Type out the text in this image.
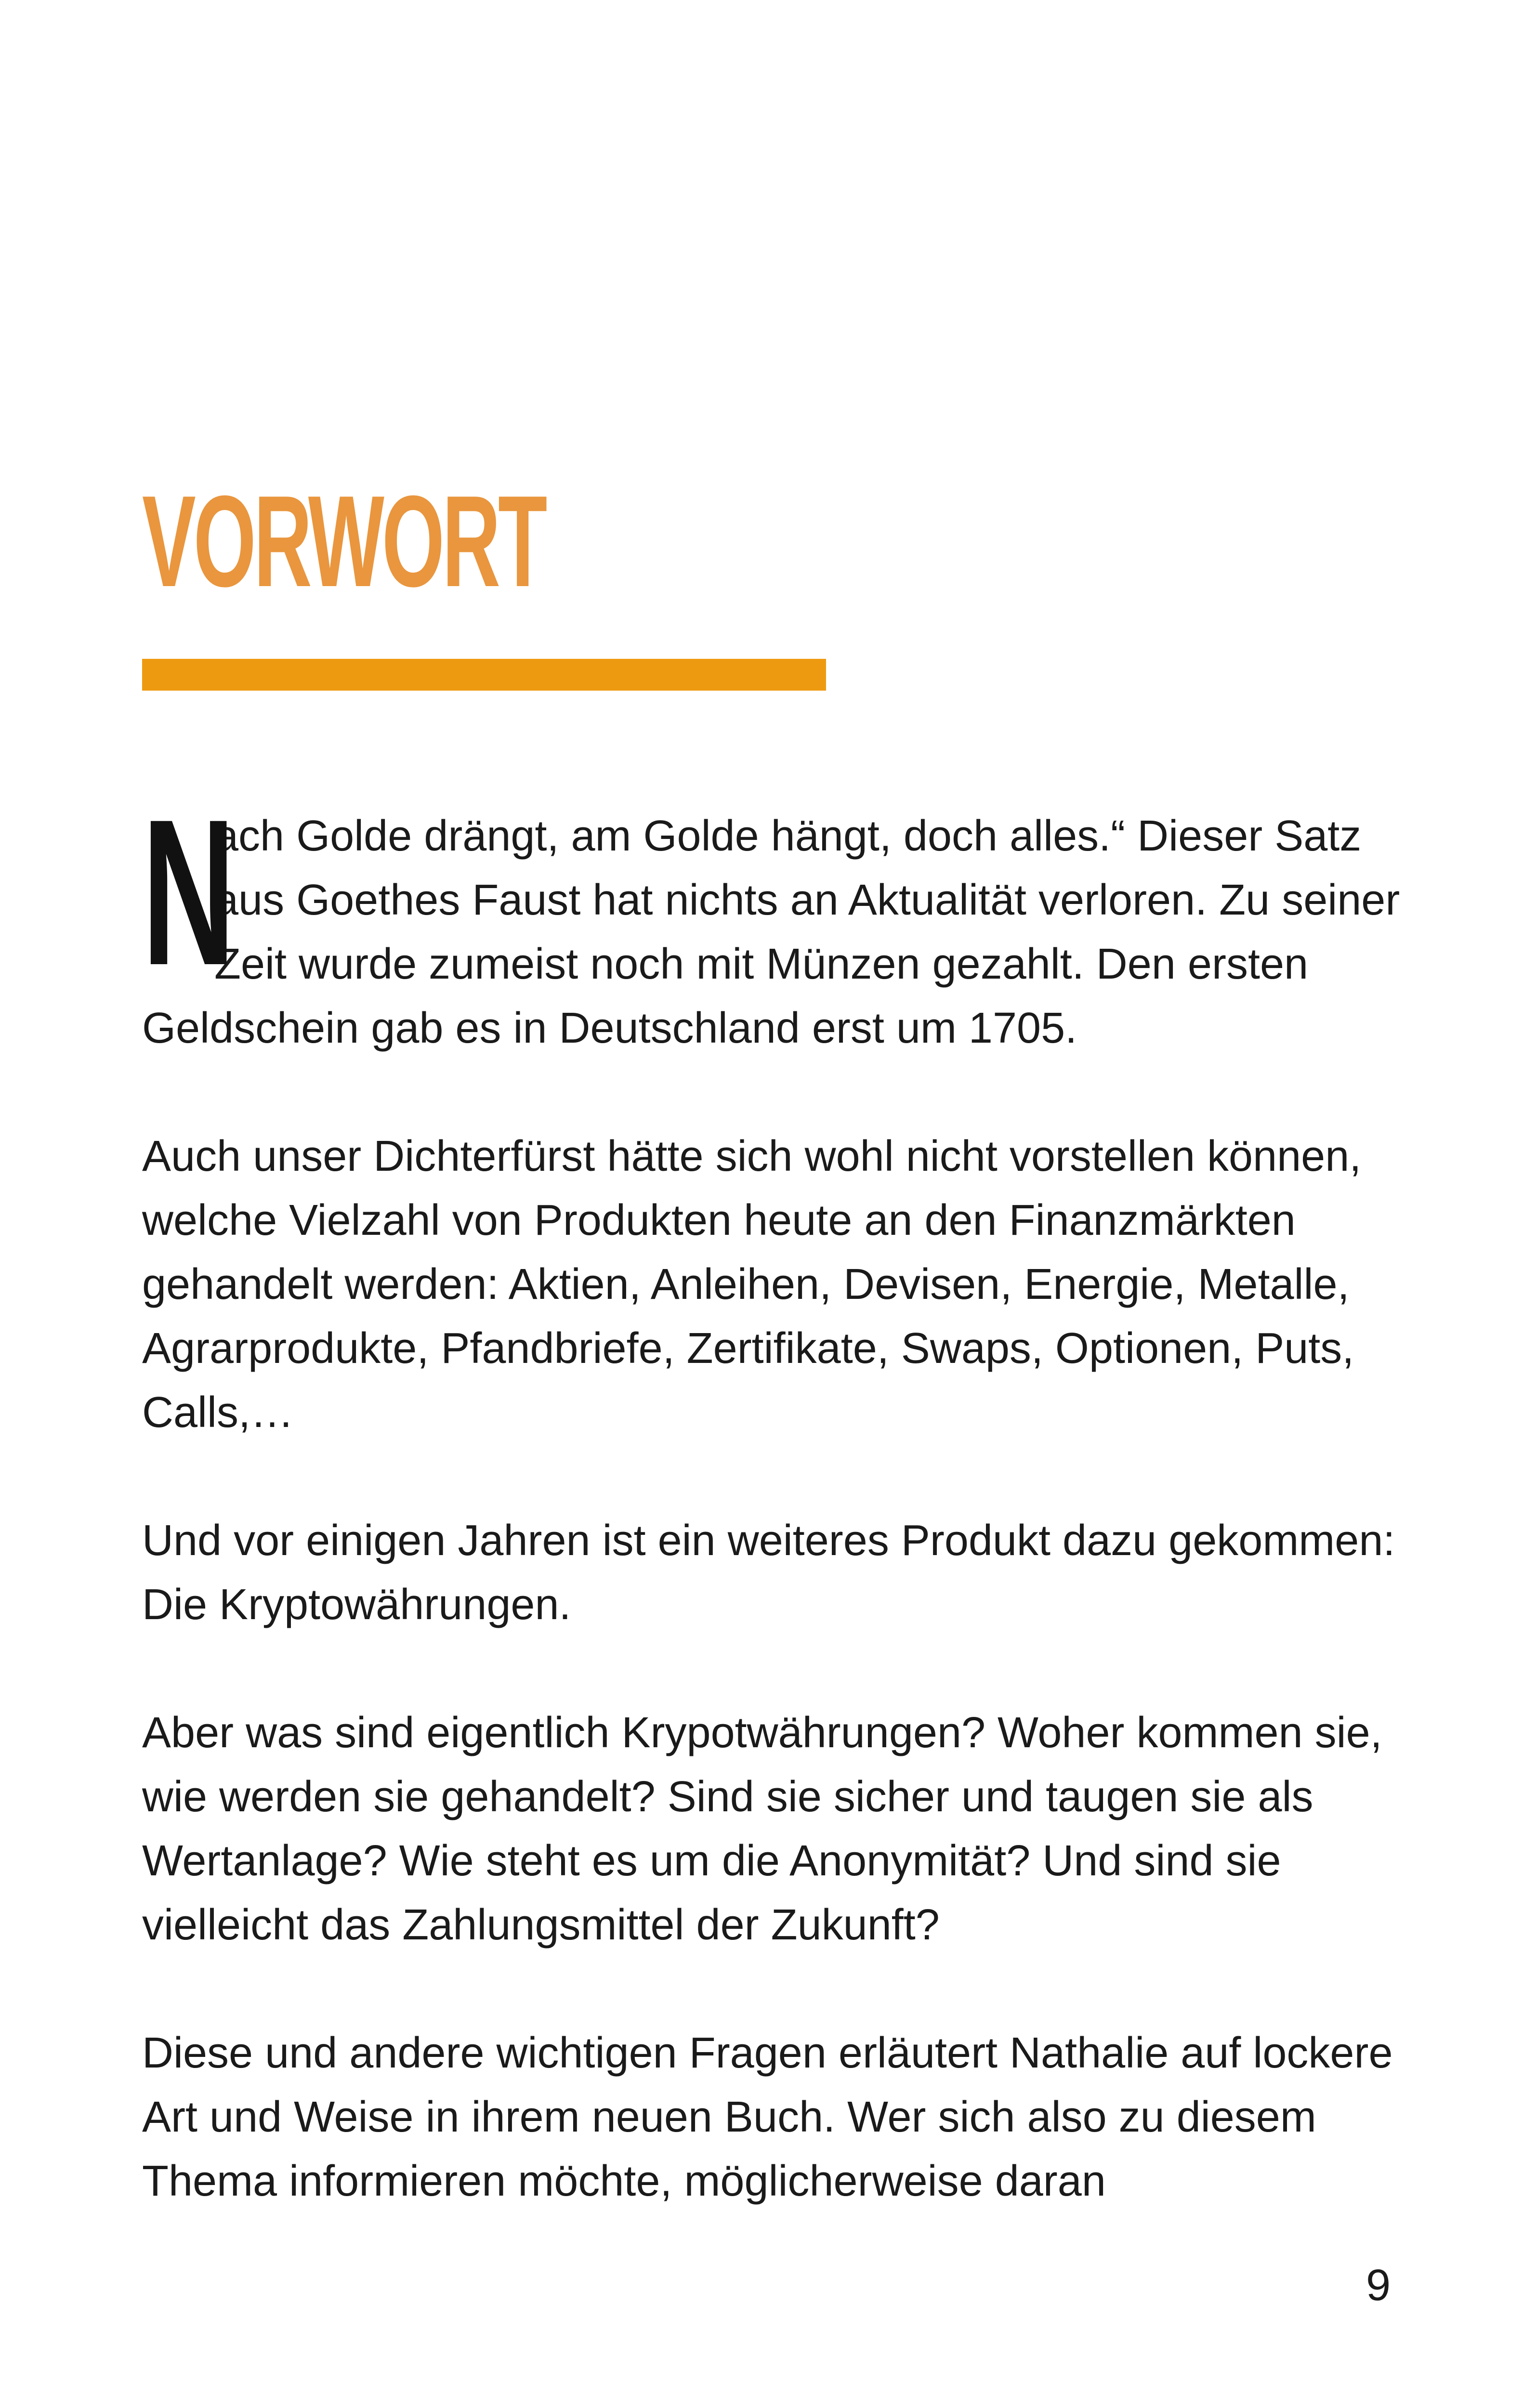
VORWORT

N
ach Golde drängt, am Golde hängt, doch alles.“ Dieser Satz aus Goethes Faust hat nichts an Aktualität verloren. Zu seiner Zeit wurde zumeist noch mit Münzen gezahlt. Den ersten Geldschein gab es in Deutschland erst um 1705.

Auch unser Dichterfürst hätte sich wohl nicht vorstellen können, welche Vielzahl von Produkten heute an den Finanzmärkten gehandelt werden: Aktien, Anleihen, Devisen, Energie, Metalle, Agrarprodukte, Pfandbriefe, Zertifikate, Swaps, Optionen, Puts, Calls,…

Und vor einigen Jahren ist ein weiteres Produkt dazu gekommen: Die Kryptowährungen.

Aber was sind eigentlich Krypotwährungen? Woher kommen sie, wie werden sie gehandelt? Sind sie sicher und taugen sie als Wertanlage? Wie steht es um die Anonymität? Und sind sie vielleicht das Zahlungsmittel der Zukunft?

Diese und andere wichtigen Fragen erläutert Nathalie auf lockere Art und Weise in ihrem neuen Buch. Wer sich also zu diesem Thema informieren möchte, möglicherweise daran

9
